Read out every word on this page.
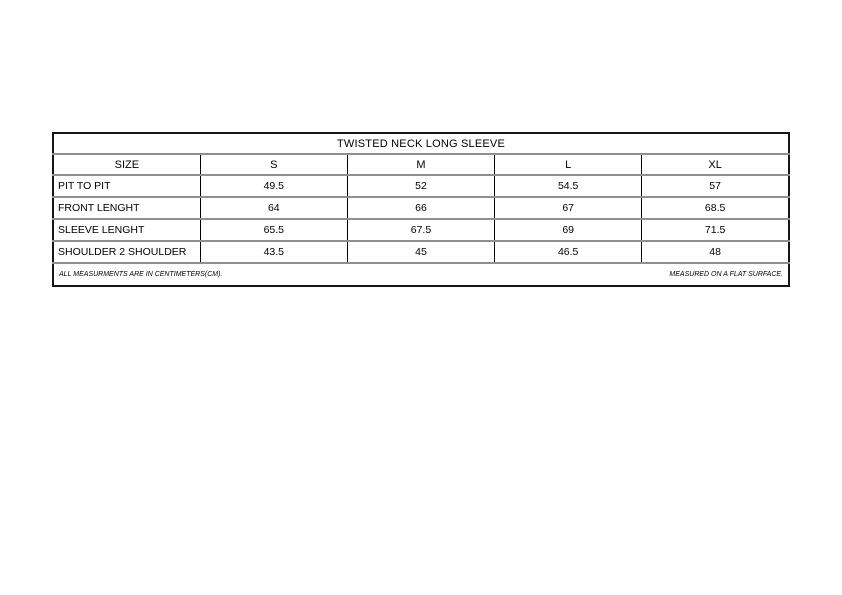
TWISTED NECK LONG SLEEVE				
SIZE	S	M	L	XL
PIT TO PIT	49.5	52	54.5	57
FRONT LENGHT	64	66	67	68.5
SLEEVE LENGHT	65.5	67.5	69	71.5
SHOULDER 2 SHOULDER	43.5	45	46.5	48

ALL MEASURMENTS ARE IN CENTIMETERS(CM). MEASURED ON A FLAT SURFACE.				
